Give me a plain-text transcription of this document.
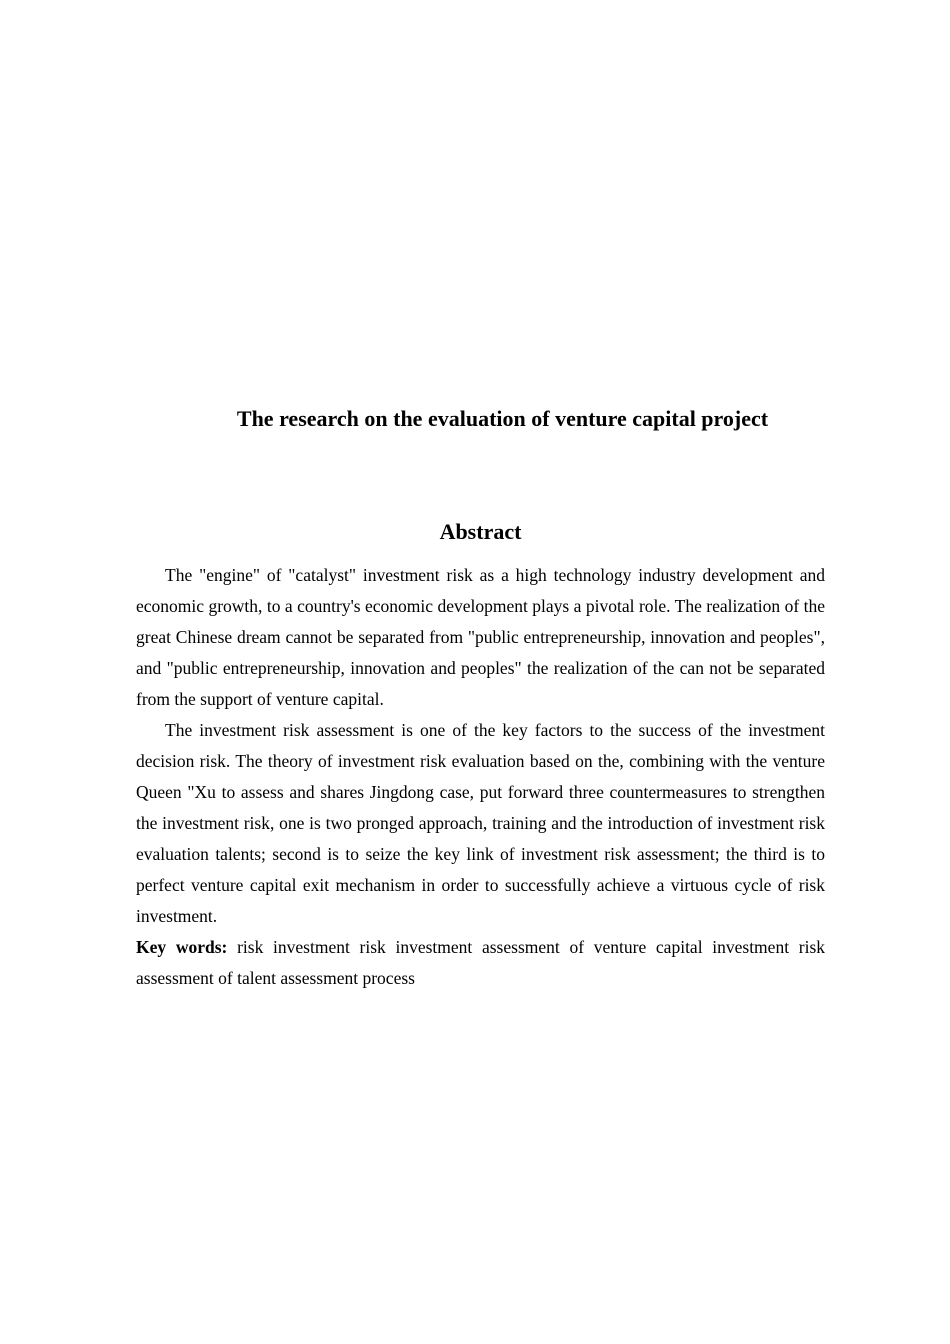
The research on the evaluation of venture capital project
Abstract

The "engine" of "catalyst" investment risk as a high technology industry development and economic growth, to a country's economic development plays a pivotal role. The realization of the great Chinese dream cannot be separated from "public entrepreneurship, innovation and peoples", and "public entrepreneurship, innovation and peoples" the realization of the can not be separated from the support of venture capital.

The investment risk assessment is one of the key factors to the success of the investment decision risk. The theory of investment risk evaluation based on the, combining with the venture Queen "Xu to assess and shares Jingdong case, put forward three countermeasures to strengthen the investment risk, one is two pronged approach, training and the introduction of investment risk evaluation talents; second is to seize the key link of investment risk assessment; the third is to perfect venture capital exit mechanism in order to successfully achieve a virtuous cycle of risk investment.

Key words: risk investment risk investment assessment of venture capital investment risk assessment of talent assessment process
